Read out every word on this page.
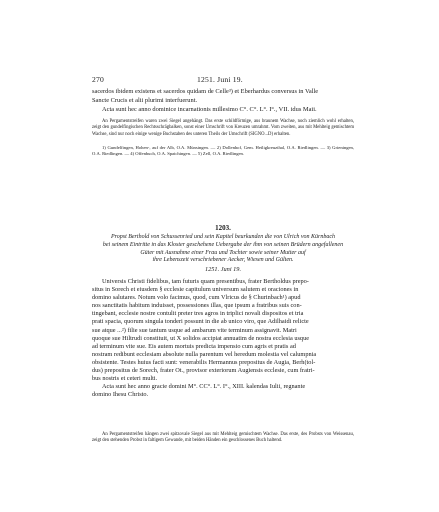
270	1251. Juni 19.

sacerdos ibidem existens et sacerdos quidam de Celle³) et Eberhardus conversus in Valle

Sancte Crucis et alii plurimi interfuerunt.

Acta sunt hec anno dominice incarnationis millesimo C°. C°. L°. I°., VII. idus Maii.

An Pergamentstreifen waren zwei Siegel angehängt. Das erste schildförmige, aus braunem Wachse, noch ziemlich wohl erhalten, zeigt den gundelfingischen Rechtsschrägbalken, sonst einer Umschrift von Kreuzen umrahmt. Vom zweiten, aus mit Mehlteig gemischtem Wachse, sind nur noch einige wenige Buchstaben des unteren Theils der Umschrift (SIGNO...D) erhalten.

1) Gundelfingen, Hohen-, auf der Alb, O.A. Münsingen. — 2) Dollenhof, Gem. Heiligkreuzthal, O.A. Riedlingen. — 3) Grieningen, O.A. Riedlingen. — 4) Offenbuch, O.A. Spaichingen. — 5) Zell, O.A. Riedlingen.

1203.
Propst Berthold von Schussenried und sein Kapitel beurkunden die von Ulrich von Kürnbach
bei seinem Eintritte in das Kloster geschehene Uebergabe der ihm von seinen Brüdern angefallenen
Güter mit Ausnahme einer Frau und Tochter sowie seiner Mutter auf
ihre Lebenszeit verschriebener Aecker, Wiesen und Gülten.
1251. Juni 19.

Universis Christi fidelibus, tam futuris quam presentibus, frater Bertholdus prepo-

situs in Sorech et eiusdem § ecclesie capitulum universum salutem et oraciones in

domino salutares. Notum volo facimus, quod, cum Vlricus de § Churinbach¹) apud

nos sanctitatis habitum induisset, possessiones illas, que ipsum a fratribus suis con-

tingebant, ecclesie nostre contulit preter tres agros in triplici novali dispositos et tria

prati spacia, quorum singula tonderi possunt in die ab unico viro, que Adilhaidi relicte

sue atque ...²) filie sue tantum usque ad ambarum vite terminum assignavit. Matri

quoque sue Hiltrudi constituit, ut X solidos accipiat annuatim de nostra ecclesia usque

ad terminum vite sue. Eis autem mortuis predicta impensio cum agris et pratis ad

nostram redibunt ecclesiam absolute nulla parentum vel heredum molestia vel calumpnia

obsistente. Testes huius facti sunt: venerabilis Hermannus prepositus de Augia, Berh(tol-

dus) prepositus de Sorech, frater Ot., provisor exteriorum Augiensis ecclesie, cum fratri-

bus nostris et ceteri multi.

Acta sunt hec anno gracie domini M°. CC°. L°. I°., XIII. kalendas Iulii, regnante

domino Ihesu Christo.

An Pergamentstreifen hängen zwei spitzovale Siegel aus mit Mehlteig gemischtem Wachse. Das erste, des Probsts von Weissenau, zeigt den stehenden Probst in faltigem Gewande, mit beiden Händen ein geschlossenes Buch haltend.
